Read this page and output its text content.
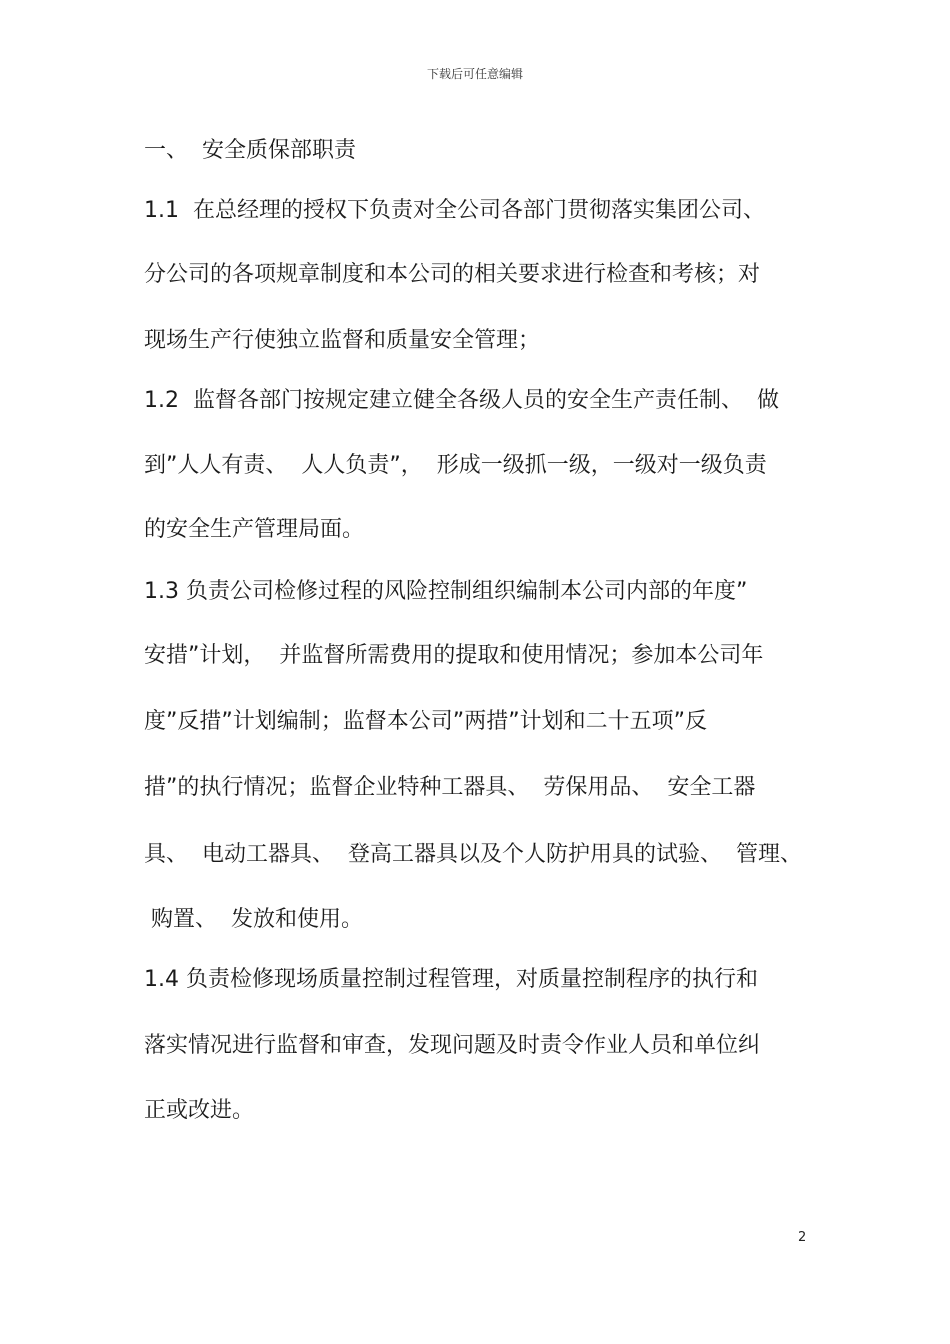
下载后可任意编辑
一、  安全质保部职责
1.1  在总经理的授权下负责对全公司各部门贯彻落实集团公司、
分公司的各项规章制度和本公司的相关要求进行检查和考核；对
现场生产行使独立监督和质量安全管理；
1.2  监督各部门按规定建立健全各级人员的安全生产责任制、  做
到”人人有责、  人人负责”，  形成一级抓一级，一级对一级负责
的安全生产管理局面。
1.3 负责公司检修过程的风险控制组织编制本公司内部的年度”
安措”计划，  并监督所需费用的提取和使用情况；参加本公司年
度”反措”计划编制；监督本公司”两措”计划和二十五项”反
措”的执行情况；监督企业特种工器具、  劳保用品、  安全工器
具、  电动工器具、  登高工器具以及个人防护用具的试验、  管理、
购置、  发放和使用。
1.4 负责检修现场质量控制过程管理，对质量控制程序的执行和
落实情况进行监督和审查，发现问题及时责令作业人员和单位纠
正或改进。
2
